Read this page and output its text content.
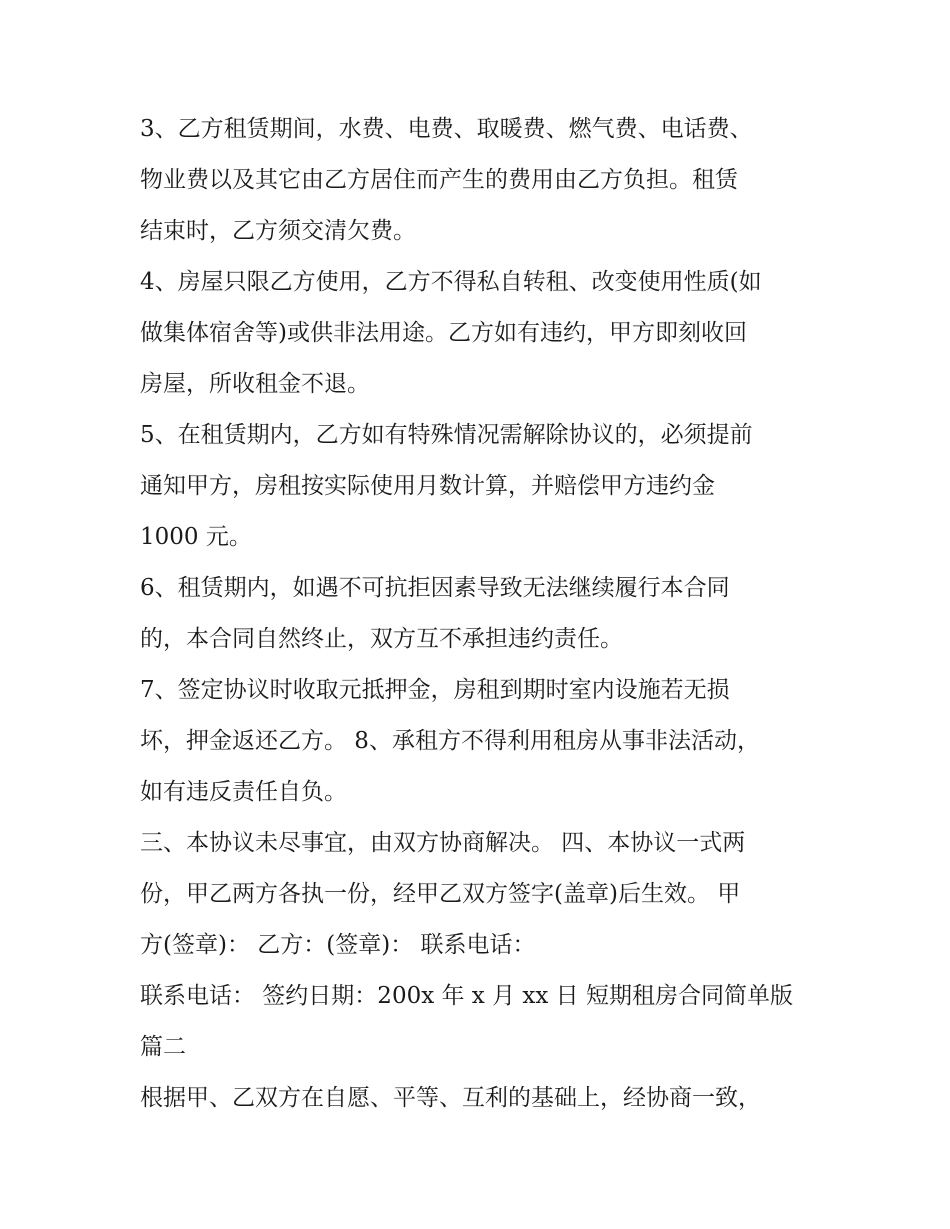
3、乙方租赁期间，水费、电费、取暖费、燃气费、电话费、
物业费以及其它由乙方居住而产生的费用由乙方负担。租赁
结束时，乙方须交清欠费。
4、房屋只限乙方使用，乙方不得私自转租、改变使用性质(如
做集体宿舍等)或供非法用途。乙方如有违约，甲方即刻收回
房屋，所收租金不退。
5、在租赁期内，乙方如有特殊情况需解除协议的，必须提前
通知甲方，房租按实际使用月数计算，并赔偿甲方违约金
1000 元。
6、租赁期内，如遇不可抗拒因素导致无法继续履行本合同
的，本合同自然终止，双方互不承担违约责任。
7、签定协议时收取元抵押金，房租到期时室内设施若无损
坏，押金返还乙方。 8、承租方不得利用租房从事非法活动，
如有违反责任自负。
三、本协议未尽事宜，由双方协商解决。 四、本协议一式两
份，甲乙两方各执一份，经甲乙双方签字(盖章)后生效。 甲
方(签章)： 乙方：(签章)： 联系电话：
联系电话： 签约日期：200x 年 x 月 xx 日 短期租房合同简单版
篇二
根据甲、乙双方在自愿、平等、互利的基础上，经协商一致，
